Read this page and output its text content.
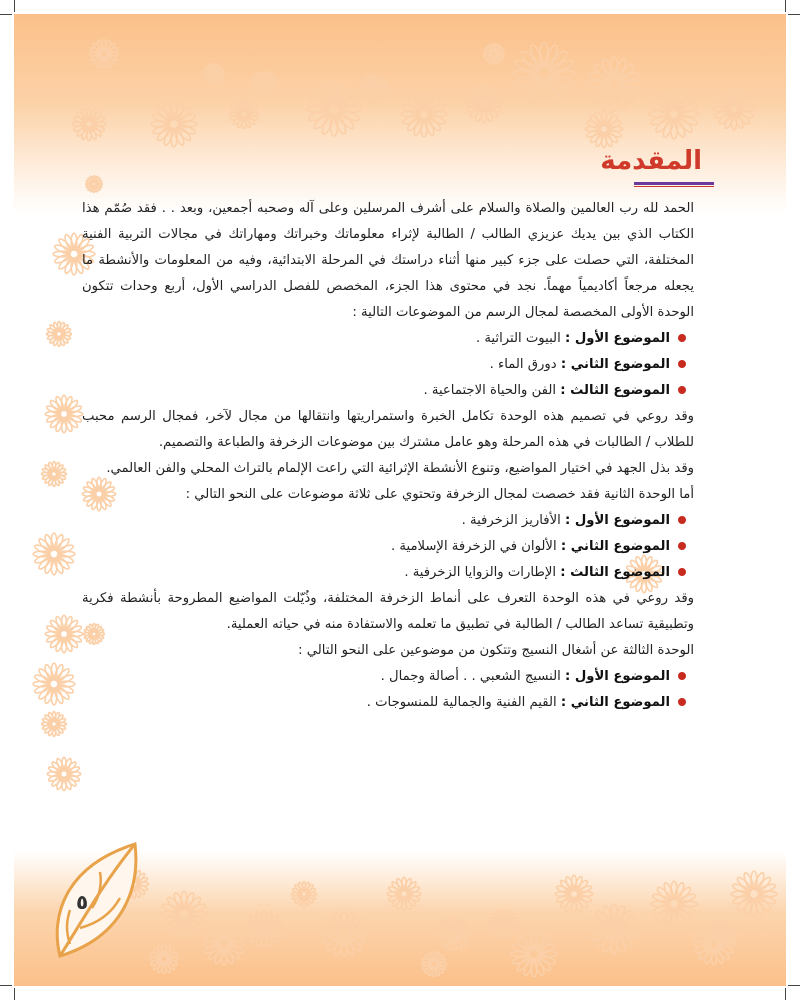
المقدمة

الحمد لله رب العالمين والصلاة والسلام على أشرف المرسلين وعلى آله وصحبه أجمعين، وبعد . . فقد صُمّم هذا الكتاب الذي بين يديك عزيزي الطالب / الطالبة لإثراء معلوماتك وخبراتك ومهاراتك في مجالات التربية الفنية المختلفة، التي حصلت على جزء كبير منها أثناء دراستك في المرحلة الابتدائية، وفيه من المعلومات والأنشطة ما يجعله مرجعاً أكاديمياً مهماً. نجد في محتوى هذا الجزء، المخصص للفصل الدراسي الأول، أربع وحدات تتكون الوحدة الأولى المخصصة لمجال الرسم من الموضوعات التالية :

الموضوع الأول : البيوت التراثية .
الموضوع الثاني : دورق الماء .
الموضوع الثالث : الفن والحياة الاجتماعية .

وقد روعي في تصميم هذه الوحدة تكامل الخبرة واستمراريتها وانتقالها من مجال لآخر، فمجال الرسم محبب للطلاب / الطالبات في هذه المرحلة وهو عامل مشترك بين موضوعات الزخرفة والطباعة والتصميم.

وقد بذل الجهد في اختيار المواضيع، وتنوع الأنشطة الإثرائية التي راعت الإلمام بالتراث المحلي والفن العالمي.

أما الوحدة الثانية فقد خصصت لمجال الزخرفة وتحتوي على ثلاثة موضوعات على النحو التالي :

الموضوع الأول : الأفاريز الزخرفية .
الموضوع الثاني : الألوان في الزخرفة الإسلامية .
الموضوع الثالث : الإطارات والزوايا الزخرفية .

وقد روعي في هذه الوحدة التعرف على أنماط الزخرفة المختلفة، وذُيّلت المواضيع المطروحة بأنشطة فكرية وتطبيقية تساعد الطالب / الطالبة في تطبيق ما تعلمه والاستفادة منه في حياته العملية.

الوحدة الثالثة عن أشغال النسيج وتتكون من موضوعين على النحو التالي :

الموضوع الأول : النسيج الشعبي . . أصالة وجمال .
الموضوع الثاني : القيم الفنية والجمالية للمنسوجات .
٥
